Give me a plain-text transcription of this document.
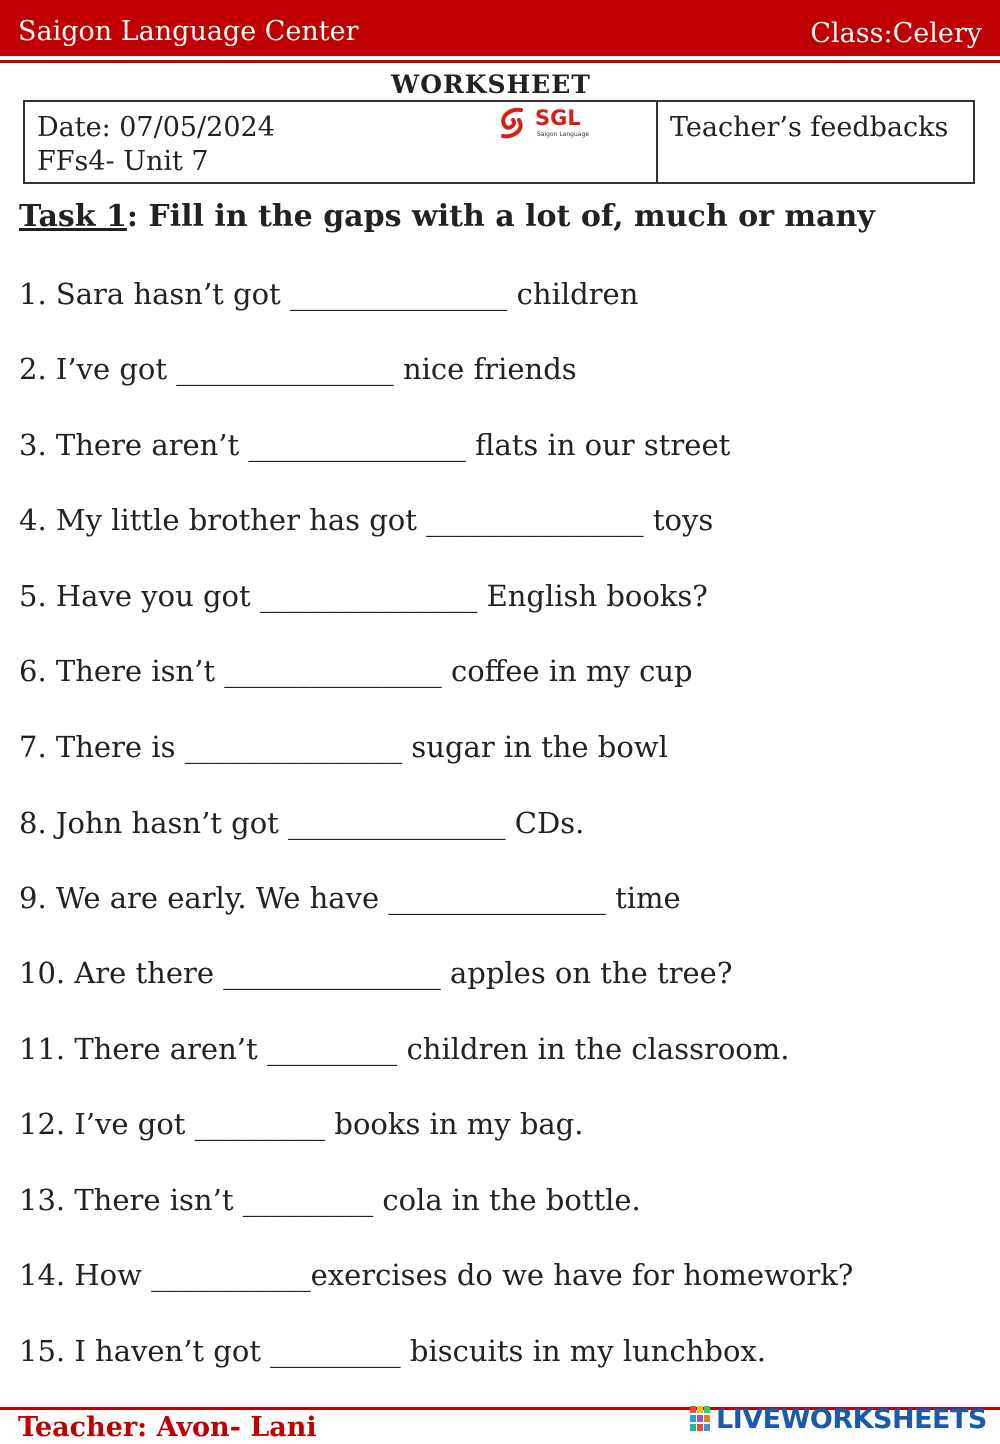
Saigon Language Center	Class:Celery
WORKSHEET
Date: 07/05/2024
FFs4- Unit 7
SGL
Saigon Language	Teacher’s feedbacks
Task 1: Fill in the gaps with a lot of, much or many
1. Sara hasn’t got _______________ children
2. I’ve got _______________ nice friends
3. There aren’t _______________ flats in our street
4. My little brother has got _______________ toys
5. Have you got _______________ English books?
6. There isn’t _______________ coffee in my cup
7. There is _______________ sugar in the bowl
8. John hasn’t got _______________ CDs.
9. We are early. We have _______________ time
10. Are there _______________ apples on the tree?
11. There aren’t _________ children in the classroom.
12. I’ve got _________ books in my bag.
13. There isn’t _________ cola in the bottle.
14. How ___________exercises do we have for homework?
15. I haven’t got _________ biscuits in my lunchbox.
Teacher: Avon- Lani	LIVEWORKSHEETS
